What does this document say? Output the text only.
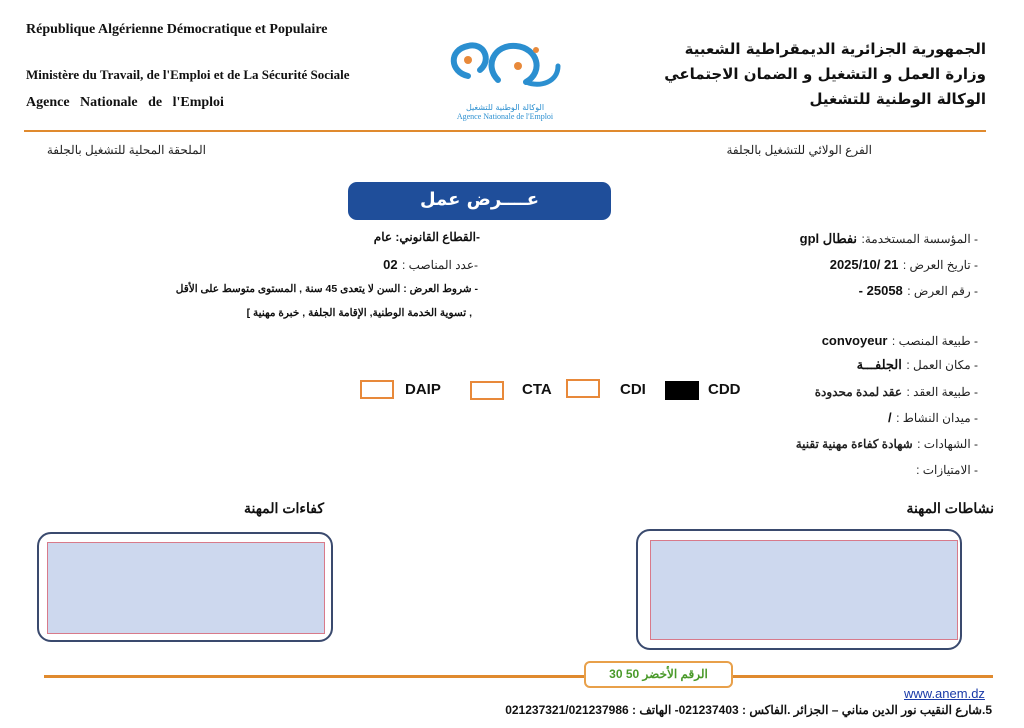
République Algérienne Démocratique et Populaire
Ministère du Travail, de l'Emploi et de La Sécurité Sociale
Agence   Nationale   de   l'Emploi	الوكالة الوطنية للتشغيل
Agence Nationale de l'Emploi
الجمهورية الجزائرية الديمقراطية الشعبية
وزارة العمل و التشغيل و الضمان الاجتماعي
الوكالة الوطنية للتشغيل
الملحقة المحلية للتشغيل بالجلفة	الفرع الولائي للتشغيل بالجلفة
عــــرض عمل
-القطاع القانوني: عام
-عدد المناصب : 02
- شروط العرض : السن لا يتعدى 45 سنة , المستوى متوسط على الأقل
, تسوية الخدمة الوطنية, الإقامة الجلفة , خبرة مهنية ]
- المؤسسة المستخدمة: نفطال gpl
- تاريخ العرض : 21 /2025/10
- رقم العرض : 25058 -
- طبيعة المنصب : convoyeur
- مكان العمل : الجلفـــة
- طبيعة العقد : عقد لمدة محدودة
- ميدان النشاط : /
- الشهادات : شهادة كفاءة مهنية تقنية
- الامتيازات :
DAIP	CTA	CDI	CDD
كفاءات المهنة	نشاطات المهنة
الرقم الأخضر 50 30
www.anem.dz
5.شارع النقيب نور الدين مناني – الجزائر .الفاكس : 021237403- الهاتف : 021237321/021237986
